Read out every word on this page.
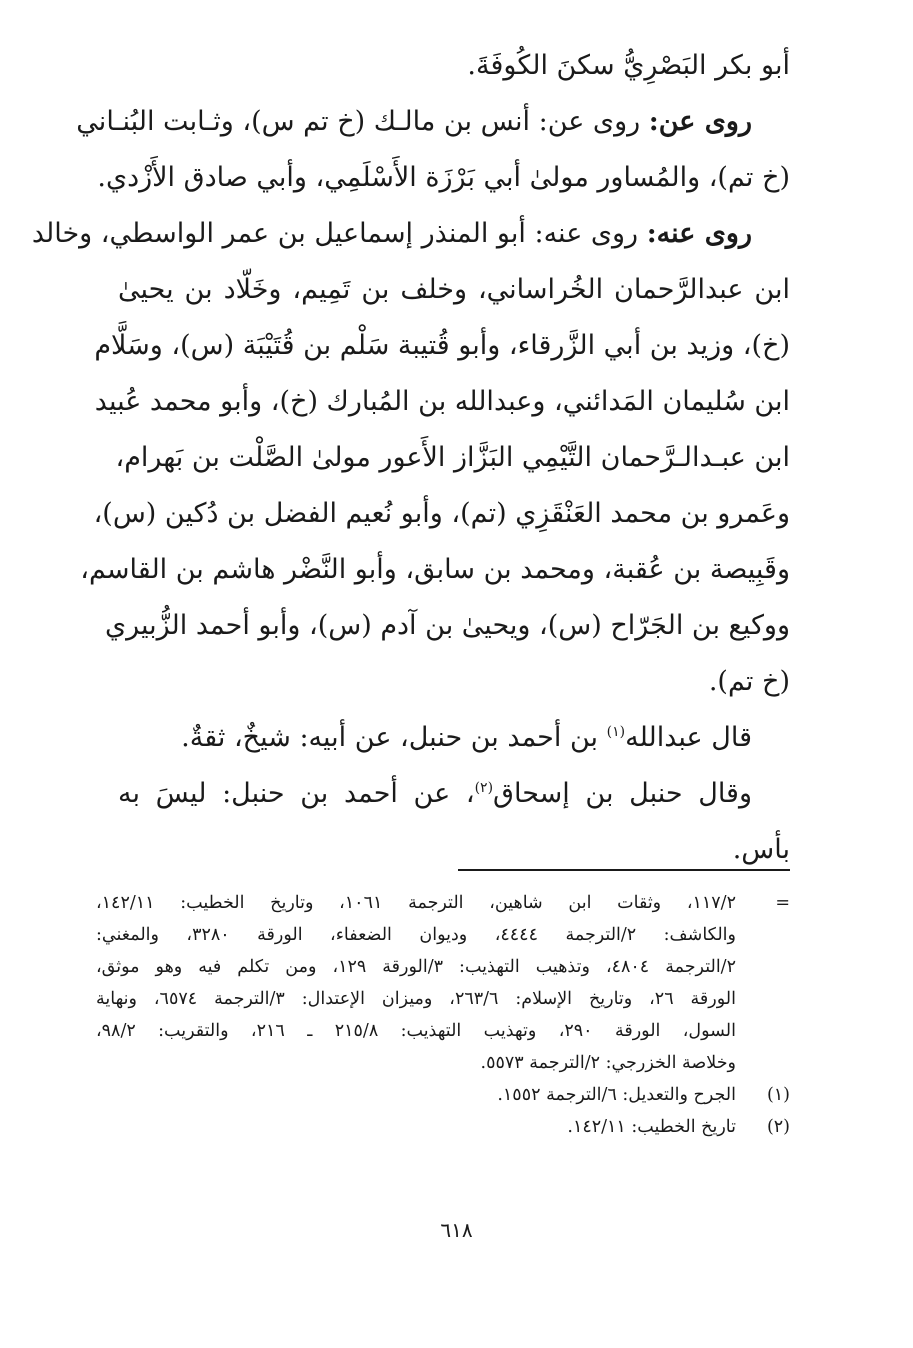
أبو بكر البَصْرِيُّ سكنَ الكُوفَةَ.
روى عن: روى عن: أنس بن مالـك (خ تم س)، وثـابت البُنـاني
(خ تم)، والمُساور مولىٰ أبي بَرْزَة الأَسْلَمِي، وأبي صادق الأَزْدي.
روى عنه: روى عنه: أبو المنذر إسماعيل بن عمر الواسطي، وخالد
ابن عبدالرَّحمان الخُراساني، وخلف بن تَمِيم، وخَلّاد بن يحيىٰ
(خ)، وزيد بن أبي الزَّرقاء، وأبو قُتيبة سَلْم بن قُتَيْبَة (س)، وسَلَّام
ابن سُليمان المَدائني، وعبدالله بن المُبارك (خ)، وأبو محمد عُبيد
ابن عبـدالـرَّحمان التَّيْمِي البَزَّاز الأَعور مولىٰ الصَّلْت بن بَهرام،
وعَمرو بن محمد العَنْقَزِي (تم)، وأبو نُعيم الفضل بن دُكين (س)،
وقَبِيصة بن عُقبة، ومحمد بن سابق، وأبو النَّضْر هاشم بن القاسم،
ووكيع بن الجَرّاح (س)، ويحيىٰ بن آدم (س)، وأبو أحمد الزُّبيري
(خ تم).
قال عبدالله$^{(١)}$ بن أحمد بن حنبل، عن أبيه: شيخٌ، ثقةٌ.
وقال حنبل بن إسحاق$^{(٢)}$، عن أحمد بن حنبل: ليسَ به
بأس.
=
١١٧/٢، وثقات ابن شاهين، الترجمة ١٠٦١، وتاريخ الخطيب: ١٤٢/١١،
والكاشف: ٢/الترجمة ٤٤٤٤، وديوان الضعفاء، الورقة ٣٢٨٠، والمغني:
٢/الترجمة ٤٨٠٤، وتذهيب التهذيب: ٣/الورقة ١٢٩، ومن تكلم فيه وهو موثق،
الورقة ٢٦، وتاريخ الإسلام: ٢٦٣/٦، وميزان الإعتدال: ٣/الترجمة ٦٥٧٤، ونهاية
السول، الورقة ٢٩٠، وتهذيب التهذيب: ٢١٥/٨ ـ ٢١٦، والتقريب: ٩٨/٢،
وخلاصة الخزرجي: ٢/الترجمة ٥٥٧٣.
(١)
الجرح والتعديل: ٦/الترجمة ١٥٥٢.
(٢)
تاريخ الخطيب: ١٤٢/١١.
٦١٨
